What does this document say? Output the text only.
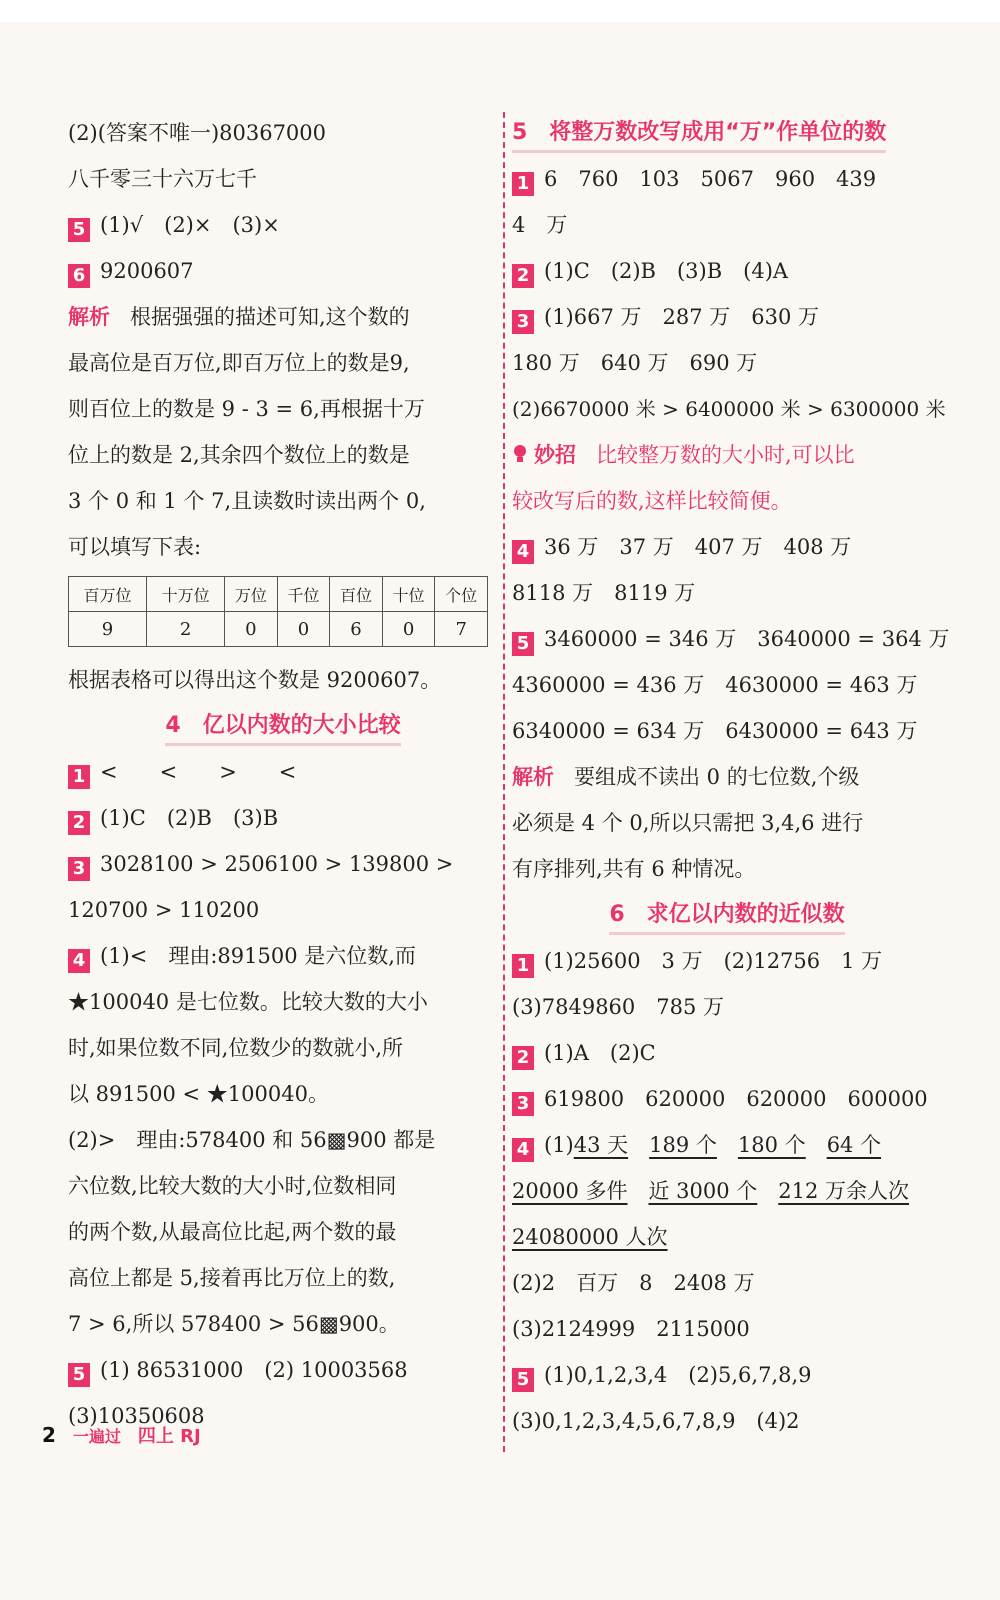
(2)(答案不唯一)80367000
八千零三十六万七千
5 (1)√　(2)×　(3)×
6 9200607
解析 根据强强的描述可知,这个数的
最高位是百万位,即百万位上的数是9,
则百位上的数是 9 - 3 = 6,再根据十万
位上的数是 2,其余四个数位上的数是
3 个 0 和 1 个 7,且读数时读出两个 0,
可以填写下表:
百万位	十万位	万位	千位	百位	十位	个位
9	2	0	0	6	0	7
根据表格可以得出这个数是 9200607。
4　亿以内数的大小比较
1 <　　<　　>　　<
2 (1)C　(2)B　(3)B
3 3028100 > 2506100 > 139800 >
120700 > 110200
4 (1)<　理由:891500 是六位数,而
★100040 是七位数。比较大数的大小
时,如果位数不同,位数少的数就小,所
以 891500 < ★100040。
(2)>　理由:578400 和 56▩900 都是
六位数,比较大数的大小时,位数相同
的两个数,从最高位比起,两个数的最
高位上都是 5,接着再比万位上的数,
7 > 6,所以 578400 > 56▩900。
5 (1) 86531000　(2) 10003568
(3)10350608
5　将整万数改写成用“万”作单位的数
1 6　760　103　5067　960　439
4　万
2 (1)C　(2)B　(3)B　(4)A
3 (1)667 万　287 万　630 万
180 万　640 万　690 万
(2)6670000 米 > 6400000 米 > 6300000 米
妙招 比较整万数的大小时,可以比
较改写后的数,这样比较简便。
4 36 万　37 万　407 万　408 万
8118 万　8119 万
5 3460000 = 346 万　3640000 = 364 万
4360000 = 436 万　4630000 = 463 万
6340000 = 634 万　6430000 = 643 万
解析 要组成不读出 0 的七位数,个级
必须是 4 个 0,所以只需把 3,4,6 进行
有序排列,共有 6 种情况。
6　求亿以内数的近似数
1 (1)25600　3 万　(2)12756　1 万
(3)7849860　785 万
2 (1)A　(2)C
3 619800　620000　620000　600000
4 (1)43 天　 189 个　 180 个　 64 个
20000 多件　 近 3000 个　 212 万余人次
24080000 人次
(2)2　百万　8　2408 万
(3)2124999　2115000
5 (1)0,1,2,3,4　(2)5,6,7,8,9
(3)0,1,2,3,4,5,6,7,8,9　(4)2
2 一遍过 四上 RJ
